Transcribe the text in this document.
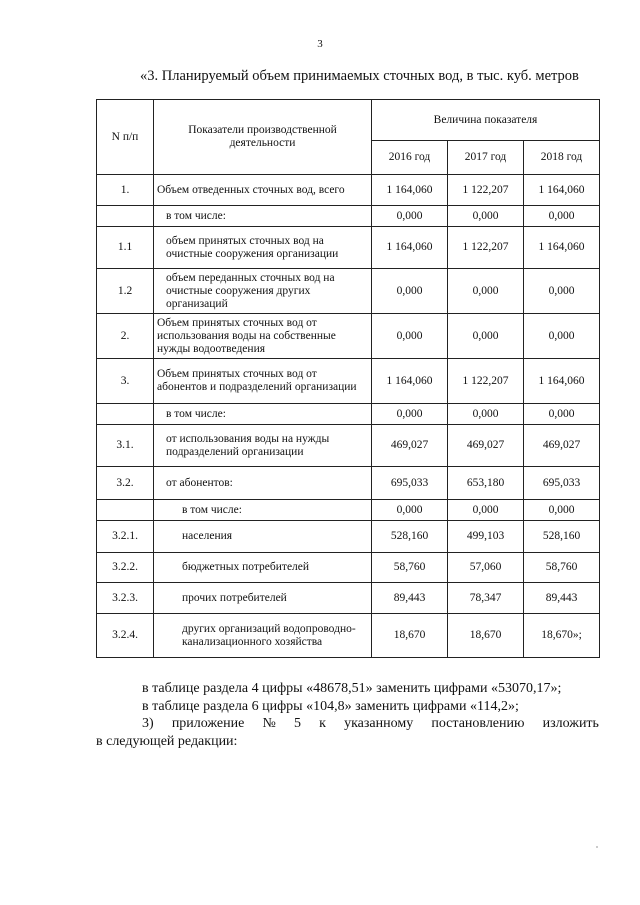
3
«3. Планируемый объем принимаемых сточных вод, в тыс. куб. метров
N п/п	Показатели производственной деятельности	Величина показателя		
		2016 год	2017 год	2018 год
1.	Объем отведенных сточных вод, всего	1 164,060	1 122,207	1 164,060
	в том числе:	0,000	0,000	0,000
1.1	объем принятых сточных вод на очистные сооружения организации	1 164,060	1 122,207	1 164,060
1.2	объем переданных сточных вод на очистные сооружения других организаций	0,000	0,000	0,000
2.	Объем принятых сточных вод от использования воды на собственные нужды водоотведения	0,000	0,000	0,000
3.	Объем принятых сточных вод от абонентов и подразделений организации	1 164,060	1 122,207	1 164,060
	в том числе:	0,000	0,000	0,000
3.1.	от использования воды на нужды подразделений организации	469,027	469,027	469,027
3.2.	от абонентов:	695,033	653,180	695,033
	в том числе:	0,000	0,000	0,000
3.2.1.	населения	528,160	499,103	528,160
3.2.2.	бюджетных потребителей	58,760	57,060	58,760
3.2.3.	прочих потребителей	89,443	78,347	89,443
3.2.4.	других организаций водопроводно-канализационного хозяйства	18,670	18,670	18,670»;
в таблице раздела 4 цифры «48678,51» заменить цифрами «53070,17»;
в таблице раздела 6 цифры «104,8» заменить цифрами «114,2»;
3) приложение № 5 к указанному постановлению изложить
в следующей редакции:
